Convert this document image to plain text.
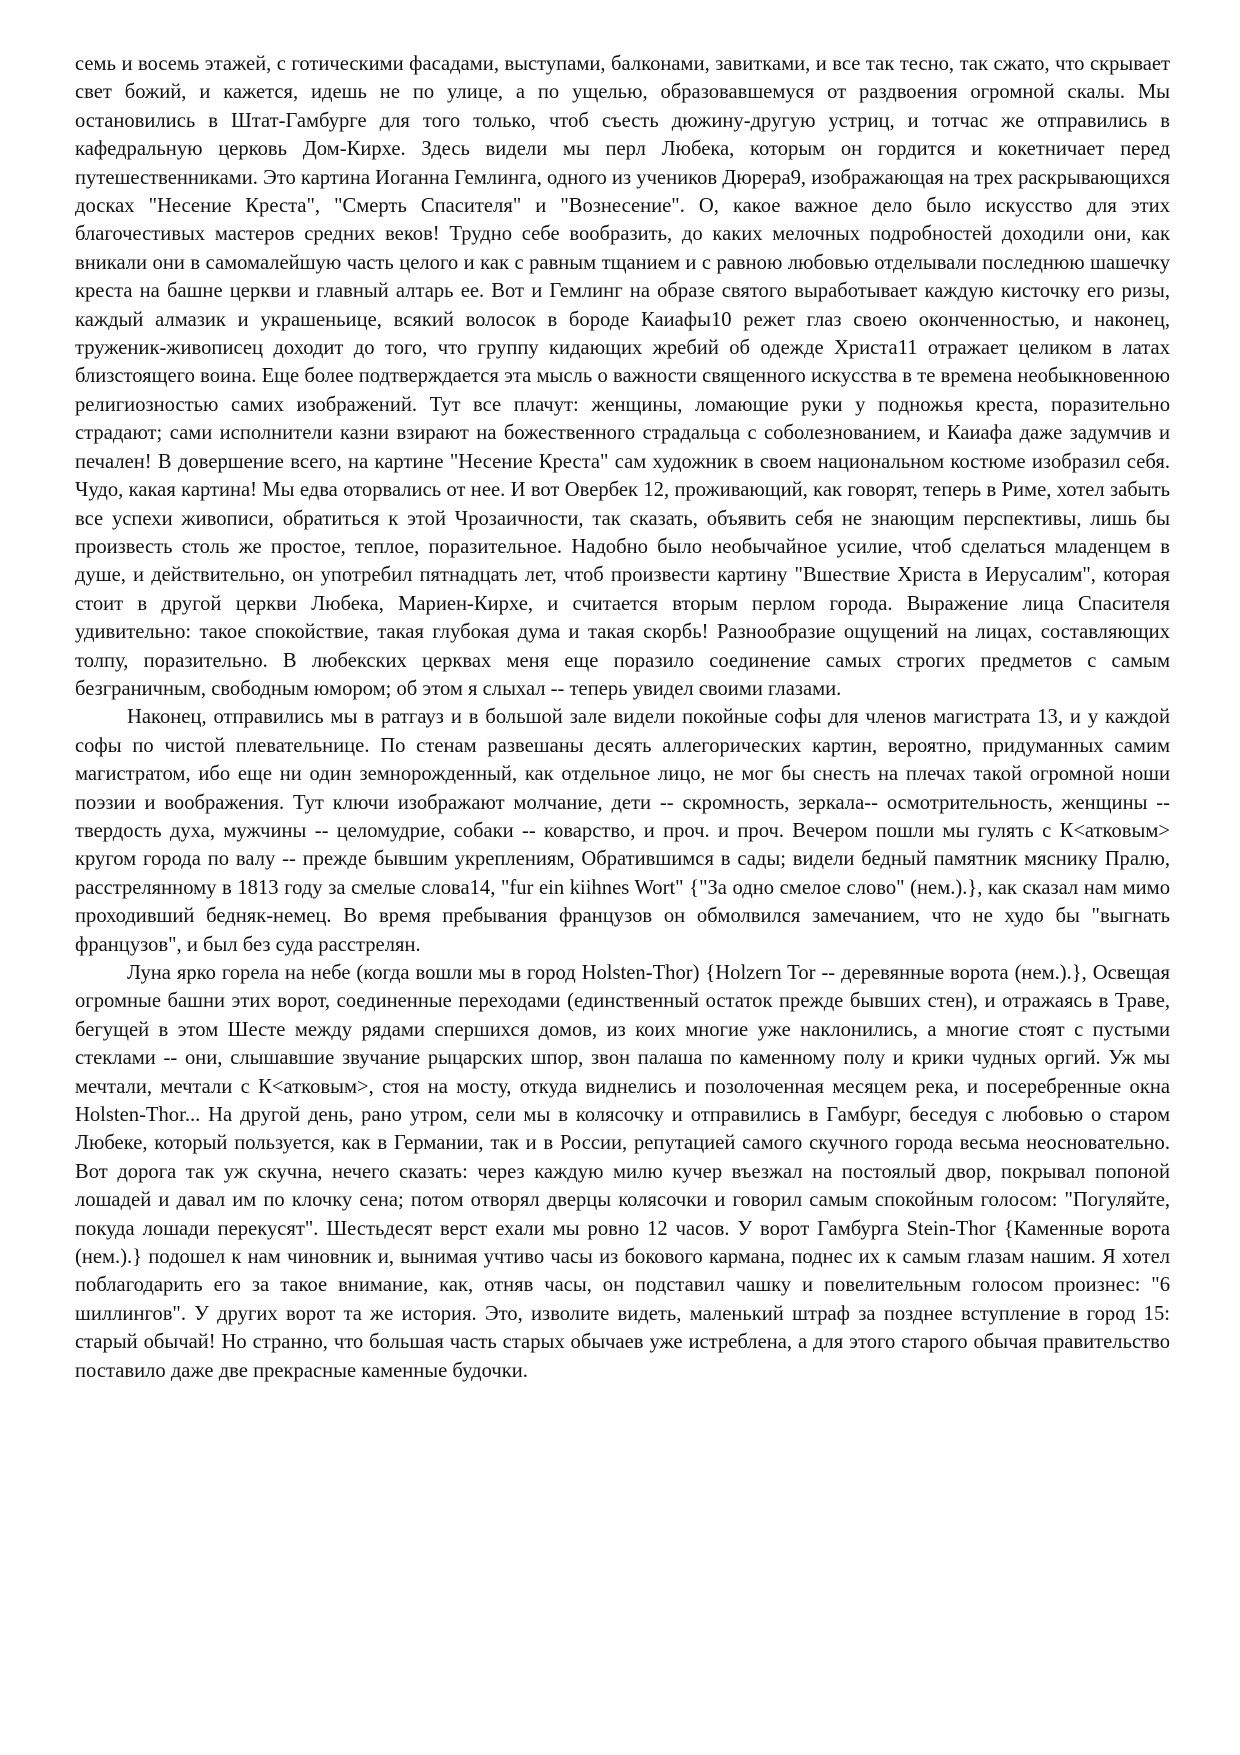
семь и восемь этажей, с готическими фасадами, выступами, балконами, завитками, и все так тесно, так сжато, что скрывает свет божий, и кажется, идешь не по улице, а по ущелью, образовавшемуся от раздвоения огромной скалы. Мы остановились в Штат-Гамбурге для того только, чтоб съесть дюжину-другую устриц, и тотчас же отправились в кафедральную церковь Дом-Кирхе. Здесь видели мы перл Любека, которым он гордится и кокетничает перед путешественниками. Это картина Иоганна Гемлинга, одного из учеников Дюрера9, изображающая на трех раскрывающихся досках "Несение Креста", "Смерть Спасителя" и "Вознесение". О, какое важное дело было искусство для этих благочестивых мастеров средних веков! Трудно себе вообразить, до каких мелочных подробностей доходили они, как вникали они в самомалейшую часть целого и как с равным тщанием и с равною любовью отделывали последнюю шашечку креста на башне церкви и главный алтарь ее. Вот и Гемлинг на образе святого выработывает каждую кисточку его ризы, каждый алмазик и украшеньице, всякий волосок в бороде Каиафы10 режет глаз своею оконченностью, и наконец, труженик-живописец доходит до того, что группу кидающих жребий об одежде Христа11 отражает целиком в латах близстоящего воина. Еще более подтверждается эта мысль о важности священного искусства в те времена необыкновенною религиозностью самих изображений. Тут все плачут: женщины, ломающие руки у подножья креста, поразительно страдают; сами исполнители казни взирают на божественного страдальца с соболезнованием, и Каиафа даже задумчив и печален! В довершение всего, на картине "Несение Креста" сам художник в своем национальном костюме изобразил себя. Чудо, какая картина! Мы едва оторвались от нее. И вот Овербек 12, проживающий, как говорят, теперь в Риме, хотел забыть все успехи живописи, обратиться к этой Чрозаичности, так сказать, объявить себя не знающим перспективы, лишь бы произвесть столь же простое, теплое, поразительное. Надобно было необычайное усилие, чтоб сделаться младенцем в душе, и действительно, он употребил пятнадцать лет, чтоб произвести картину "Вшествие Христа в Иерусалим", которая стоит в другой церкви Любека, Мариен-Кирхе, и считается вторым перлом города. Выражение лица Спасителя удивительно: такое спокойствие, такая глубокая дума и такая скорбь! Разнообразие ощущений на лицах, составляющих толпу, поразительно. В любекских церквах меня еще поразило соединение самых строгих предметов с самым безграничным, свободным юмором; об этом я слыхал -- теперь увидел своими глазами.

Наконец, отправились мы в ратгауз и в большой зале видели покойные софы для членов магистрата 13, и у каждой софы по чистой плевательнице. По стенам развешаны десять аллегорических картин, вероятно, придуманных самим магистратом, ибо еще ни один земнорожденный, как отдельное лицо, не мог бы снесть на плечах такой огромной ноши поэзии и воображения. Тут ключи изображают молчание, дети -- скромность, зеркала-- осмотрительность, женщины -- твердость духа, мужчины -- целомудрие, собаки -- коварство, и проч. и проч. Вечером пошли мы гулять с К<атковым> кругом города по валу -- прежде бывшим укреплениям, Обратившимся в сады; видели бедный памятник мяснику Пралю, расстрелянному в 1813 году за смелые слова14, "fur ein kiihnes Wort" {"За одно смелое слово" (нем.).}, как сказал нам мимо проходивший бедняк-немец. Во время пребывания французов он обмолвился замечанием, что не худо бы "выгнать французов", и был без суда расстрелян.

Луна ярко горела на небе (когда вошли мы в город Holsten-Thor) {Holzern Tor -- деревянные ворота (нем.).}, Освещая огромные башни этих ворот, соединенные переходами (единственный остаток прежде бывших стен), и отражаясь в Траве, бегущей в этом Шесте между рядами спершихся домов, из коих многие уже наклонились, а многие стоят с пустыми стеклами -- они, слышавшие звучание рыцарских шпор, звон палаша по каменному полу и крики чудных оргий. Уж мы мечтали, мечтали с К<атковым>, стоя на мосту, откуда виднелись и позолоченная месяцем река, и посеребренные окна Holsten-Thor... На другой день, рано утром, сели мы в колясочку и отправились в Гамбург, беседуя с любовью о старом Любеке, который пользуется, как в Германии, так и в России, репутацией самого скучного города весьма неосновательно. Вот дорога так уж скучна, нечего сказать: через каждую милю кучер въезжал на постоялый двор, покрывал попоной лошадей и давал им по клочку сена; потом отворял дверцы колясочки и говорил самым спокойным голосом: "Погуляйте, покуда лошади перекусят". Шестьдесят верст ехали мы ровно 12 часов. У ворот Гамбурга Stein-Thor {Каменные ворота (нем.).} подошел к нам чиновник и, вынимая учтиво часы из бокового кармана, поднес их к самым глазам нашим. Я хотел поблагодарить его за такое внимание, как, отняв часы, он подставил чашку и повелительным голосом произнес: "6 шиллингов". У других ворот та же история. Это, изволите видеть, маленький штраф за позднее вступление в город 15: старый обычай! Но странно, что большая часть старых обычаев уже истреблена, а для этого старого обычая правительство поставило даже две прекрасные каменные будочки.
